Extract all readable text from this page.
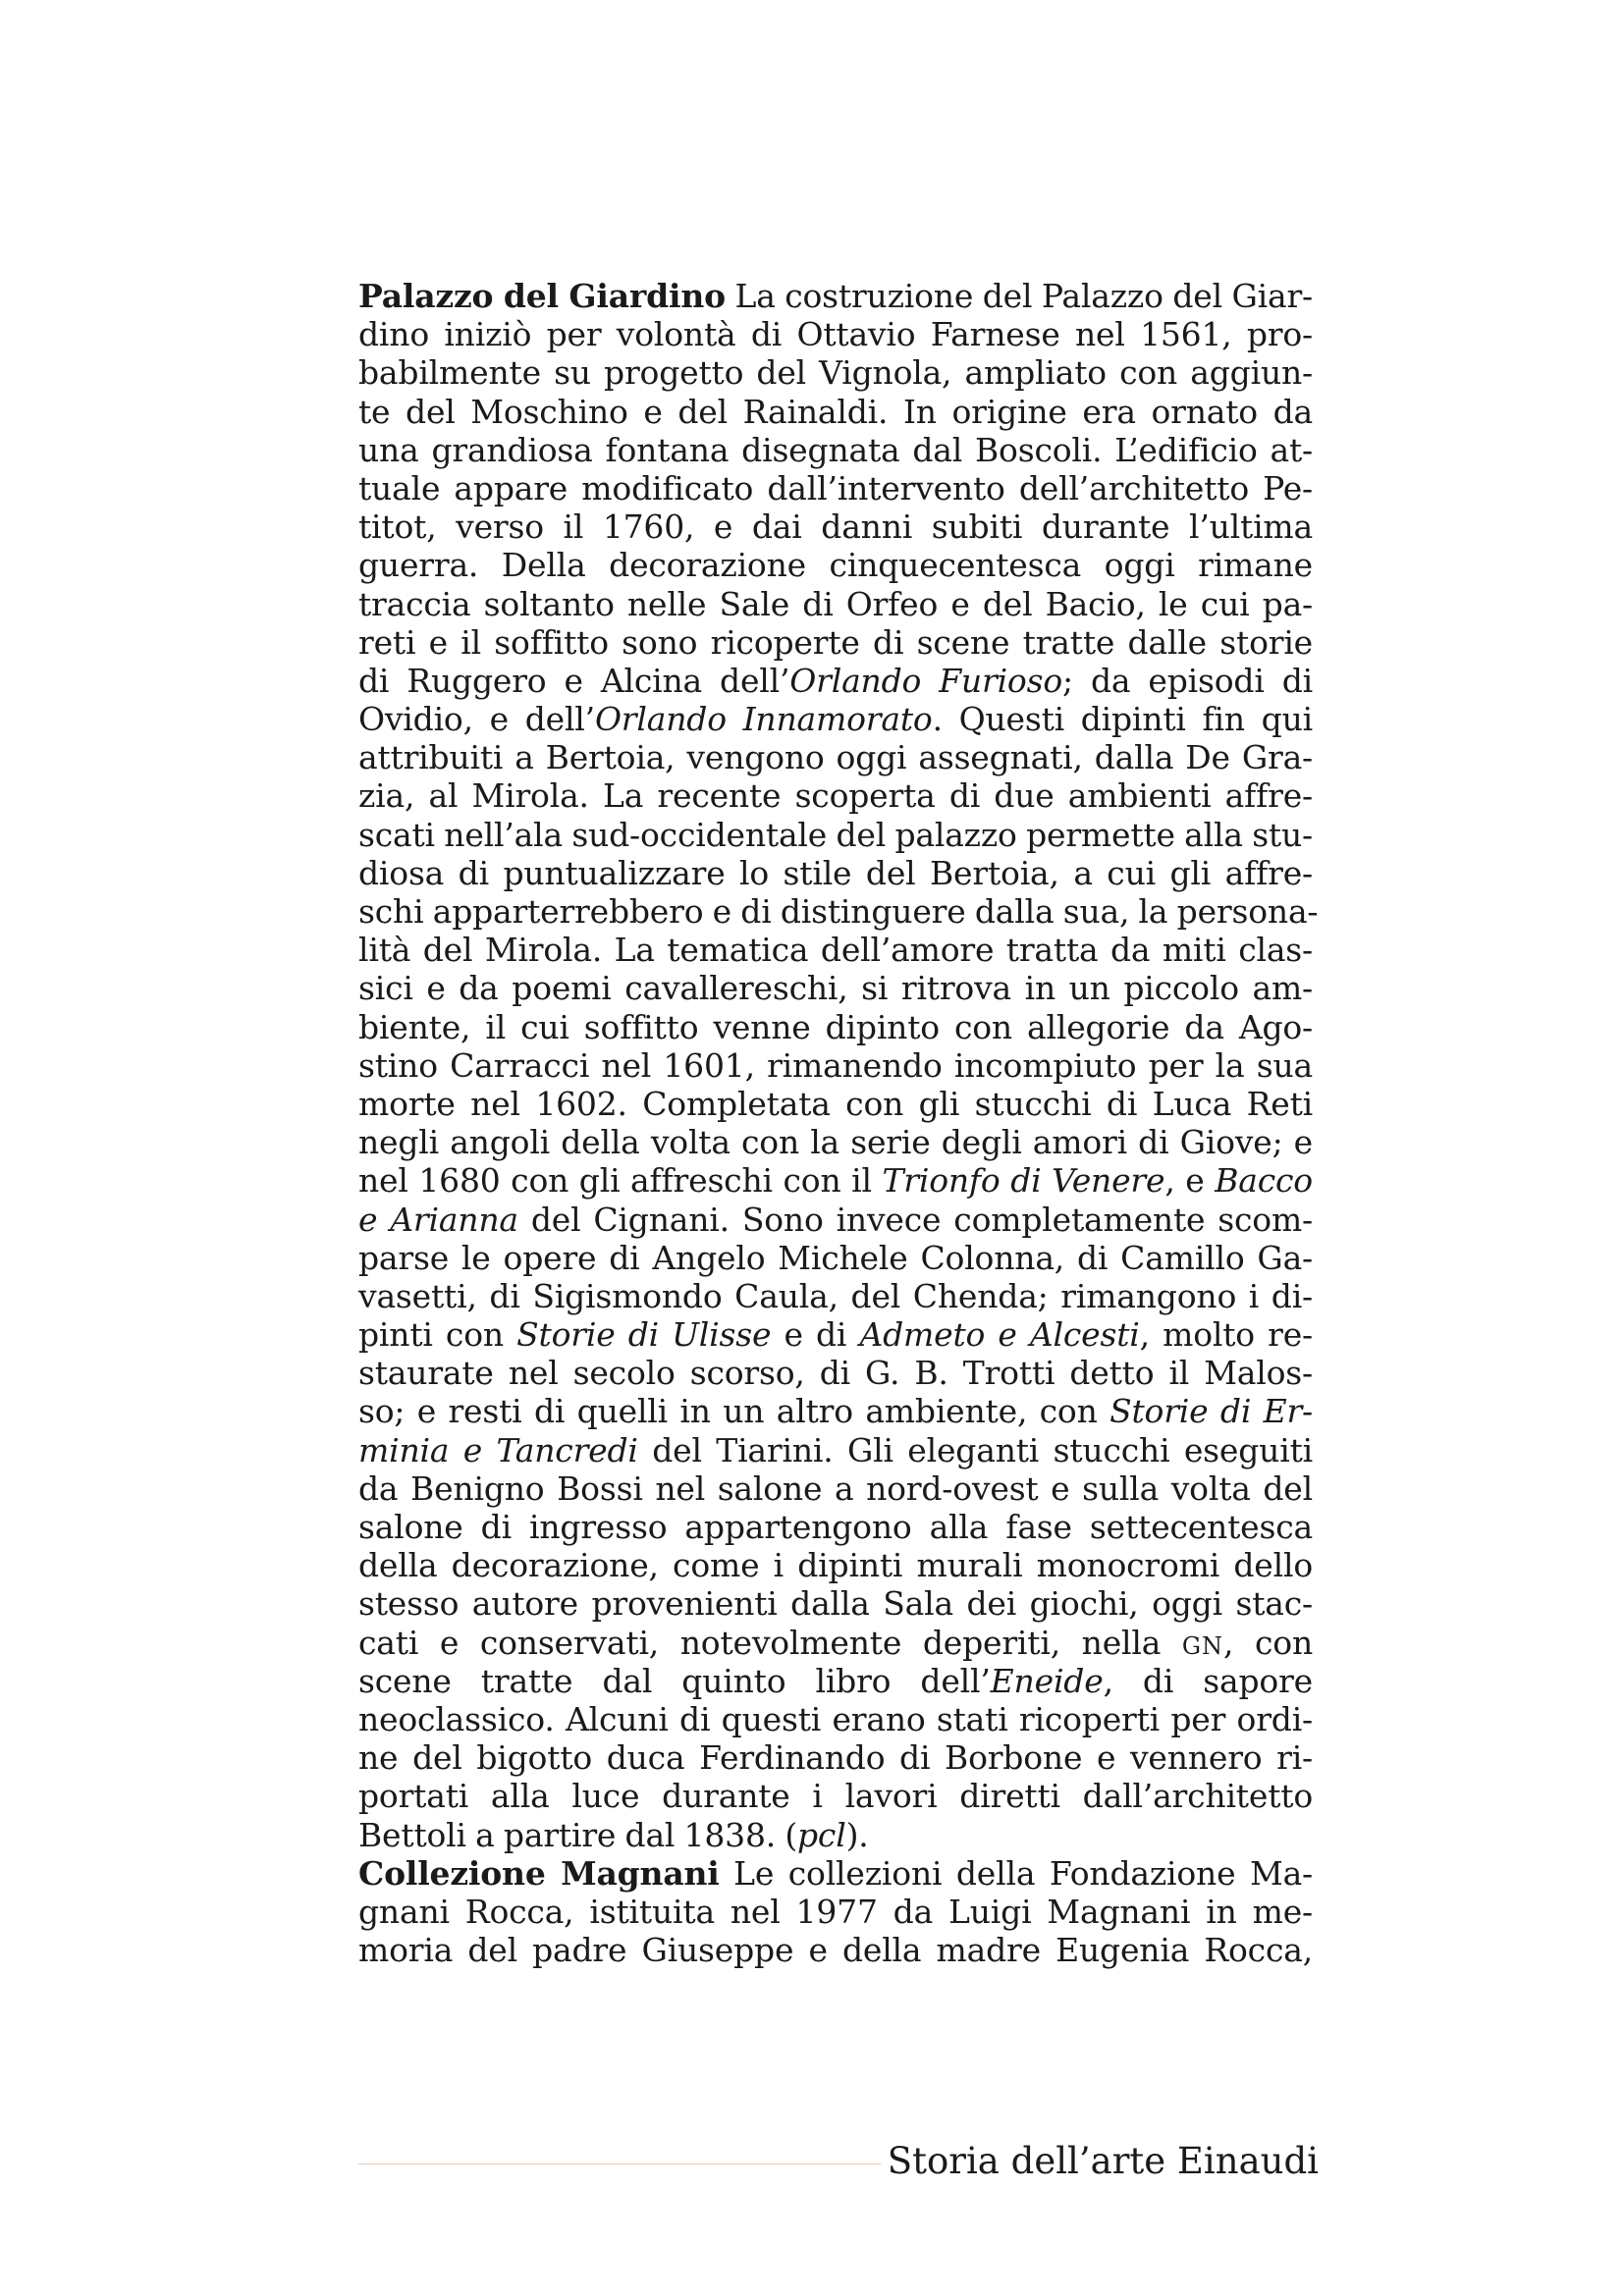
Palazzo del Giardino La costruzione del Palazzo del Giar-
dino iniziò per volontà di Ottavio Farnese nel 1561, pro-
babilmente su progetto del Vignola, ampliato con aggiun-
te del Moschino e del Rainaldi. In origine era ornato da
una grandiosa fontana disegnata dal Boscoli. L’edificio at-
tuale appare modificato dall’intervento dell’architetto Pe-
titot, verso il 1760, e dai danni subiti durante l’ultima
guerra. Della decorazione cinquecentesca oggi rimane
traccia soltanto nelle Sale di Orfeo e del Bacio, le cui pa-
reti e il soffitto sono ricoperte di scene tratte dalle storie
di Ruggero e Alcina dell’Orlando Furioso; da episodi di
Ovidio, e dell’Orlando Innamorato. Questi dipinti fin qui
attribuiti a Bertoia, vengono oggi assegnati, dalla De Gra-
zia, al Mirola. La recente scoperta di due ambienti affre-
scati nell’ala sud-occidentale del palazzo permette alla stu-
diosa di puntualizzare lo stile del Bertoia, a cui gli affre-
schi apparterrebbero e di distinguere dalla sua, la persona-
lità del Mirola. La tematica dell’amore tratta da miti clas-
sici e da poemi cavallereschi, si ritrova in un piccolo am-
biente, il cui soffitto venne dipinto con allegorie da Ago-
stino Carracci nel 1601, rimanendo incompiuto per la sua
morte nel 1602. Completata con gli stucchi di Luca Reti
negli angoli della volta con la serie degli amori di Giove; e
nel 1680 con gli affreschi con il Trionfo di Venere, e Bacco
e Arianna del Cignani. Sono invece completamente scom-
parse le opere di Angelo Michele Colonna, di Camillo Ga-
vasetti, di Sigismondo Caula, del Chenda; rimangono i di-
pinti con Storie di Ulisse e di Admeto e Alcesti, molto re-
staurate nel secolo scorso, di G. B. Trotti detto il Malos-
so; e resti di quelli in un altro ambiente, con Storie di Er-
minia e Tancredi del Tiarini. Gli eleganti stucchi eseguiti
da Benigno Bossi nel salone a nord-ovest e sulla volta del
salone di ingresso appartengono alla fase settecentesca
della decorazione, come i dipinti murali monocromi dello
stesso autore provenienti dalla Sala dei giochi, oggi stac-
cati e conservati, notevolmente deperiti, nella GN, con
scene tratte dal quinto libro dell’Eneide, di sapore
neoclassico. Alcuni di questi erano stati ricoperti per ordi-
ne del bigotto duca Ferdinando di Borbone e vennero ri-
portati alla luce durante i lavori diretti dall’architetto
Bettoli a partire dal 1838. (pcl).
Collezione Magnani Le collezioni della Fondazione Ma-
gnani Rocca, istituita nel 1977 da Luigi Magnani in me-
moria del padre Giuseppe e della madre Eugenia Rocca,
Storia dell’arte Einaudi
